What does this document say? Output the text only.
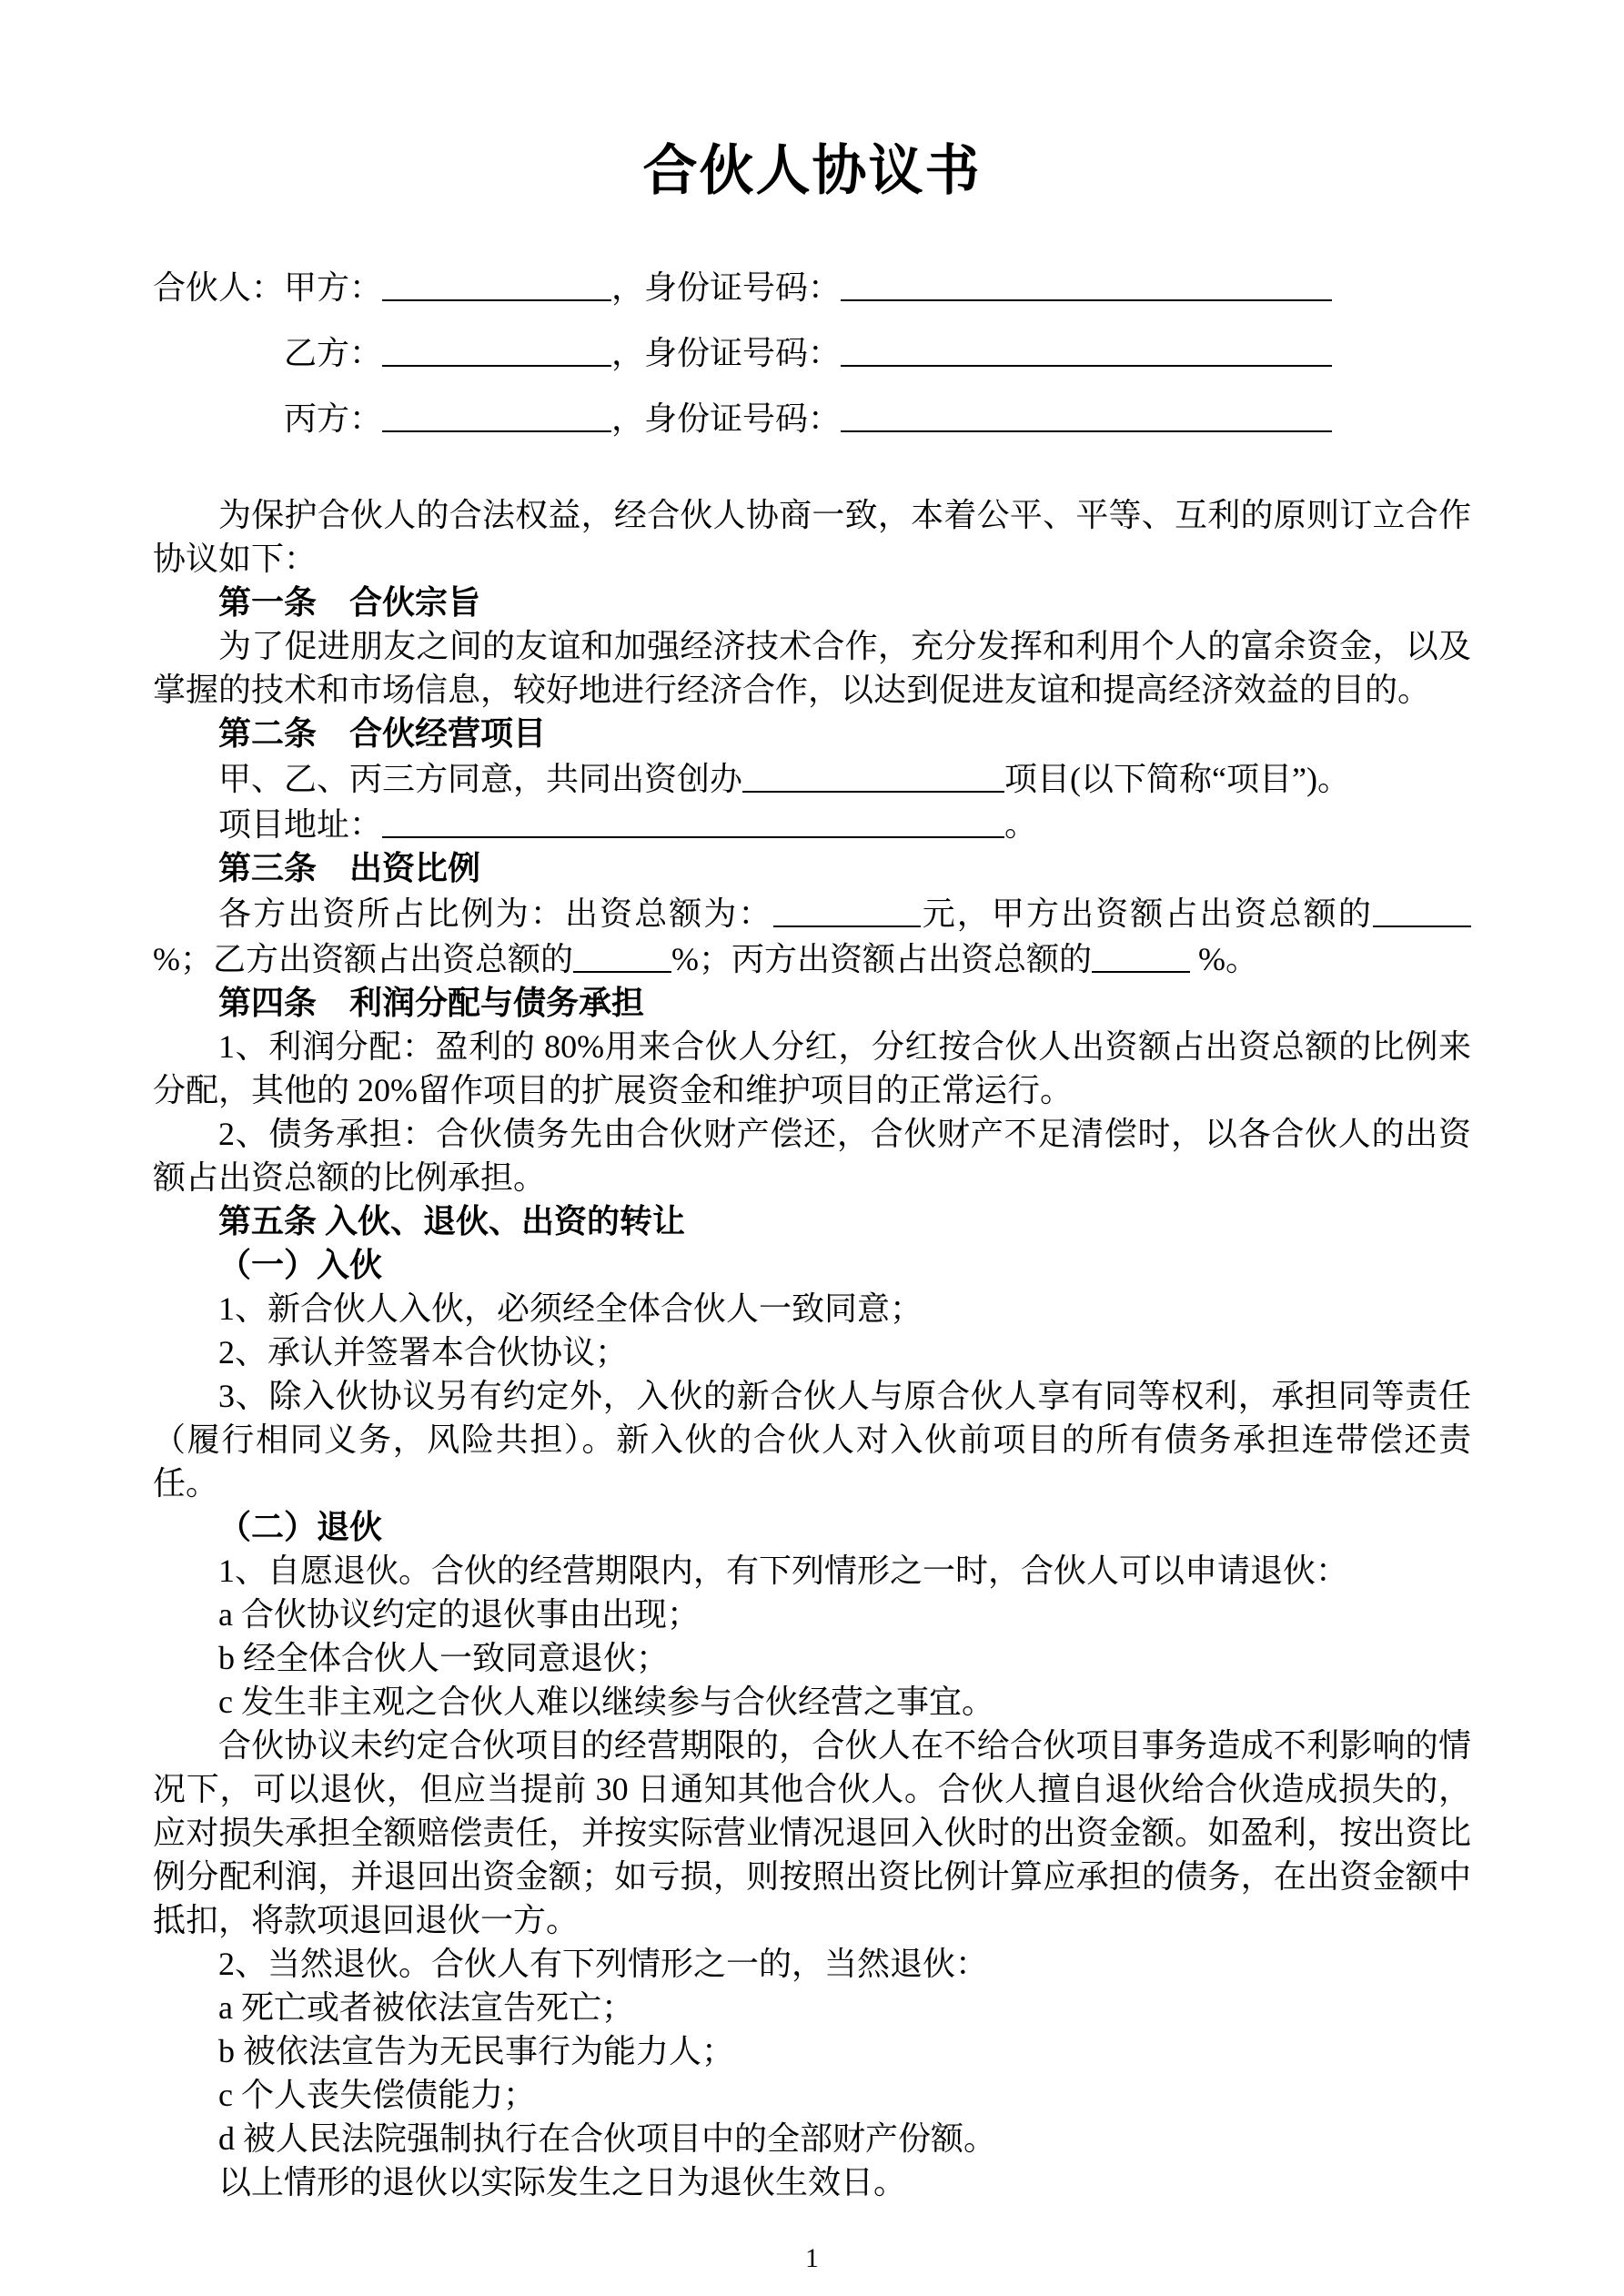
合伙人协议书
合伙人：甲方：	，身份证号码：
乙方：	，身份证号码：
丙方：	，身份证号码：

为保护合伙人的合法权益，经合伙人协商一致，本着公平、平等、互利的原则订立合作协议如下：

第一条　合伙宗旨

为了促进朋友之间的友谊和加强经济技术合作，充分发挥和利用个人的富余资金，以及掌握的技术和市场信息，较好地进行经济合作，以达到促进友谊和提高经济效益的目的。

第二条　合伙经营项目

甲、乙、丙三方同意，共同出资创办	项目(以下简称“项目”)。

项目地址：	。

第三条　出资比例

各方出资所占比例为：出资总额为：	元，甲方出资额占出资总额的%；乙方出资额占出资总额的	%；丙方出资额占出资总额的	%。

第四条　利润分配与债务承担

1、利润分配：盈利的 80%用来合伙人分红，分红按合伙人出资额占出资总额的比例来分配，其他的 20%留作项目的扩展资金和维护项目的正常运行。

2、债务承担：合伙债务先由合伙财产偿还，合伙财产不足清偿时，以各合伙人的出资额占出资总额的比例承担。

第五条 入伙、退伙、出资的转让

（一）入伙

1、新合伙人入伙，必须经全体合伙人一致同意；

2、承认并签署本合伙协议；

3、除入伙协议另有约定外，入伙的新合伙人与原合伙人享有同等权利，承担同等责任（履行相同义务，风险共担）。新入伙的合伙人对入伙前项目的所有债务承担连带偿还责任。

（二）退伙

1、自愿退伙。合伙的经营期限内，有下列情形之一时，合伙人可以申请退伙：

a 合伙协议约定的退伙事由出现；

b 经全体合伙人一致同意退伙；

c 发生非主观之合伙人难以继续参与合伙经营之事宜。

合伙协议未约定合伙项目的经营期限的，合伙人在不给合伙项目事务造成不利影响的情况下，可以退伙，但应当提前 30 日通知其他合伙人。合伙人擅自退伙给合伙造成损失的，应对损失承担全额赔偿责任，并按实际营业情况退回入伙时的出资金额。如盈利，按出资比例分配利润，并退回出资金额；如亏损，则按照出资比例计算应承担的债务，在出资金额中抵扣，将款项退回退伙一方。

2、当然退伙。合伙人有下列情形之一的，当然退伙：

a 死亡或者被依法宣告死亡；

b 被依法宣告为无民事行为能力人；

c 个人丧失偿债能力；

d 被人民法院强制执行在合伙项目中的全部财产份额。

以上情形的退伙以实际发生之日为退伙生效日。

1
